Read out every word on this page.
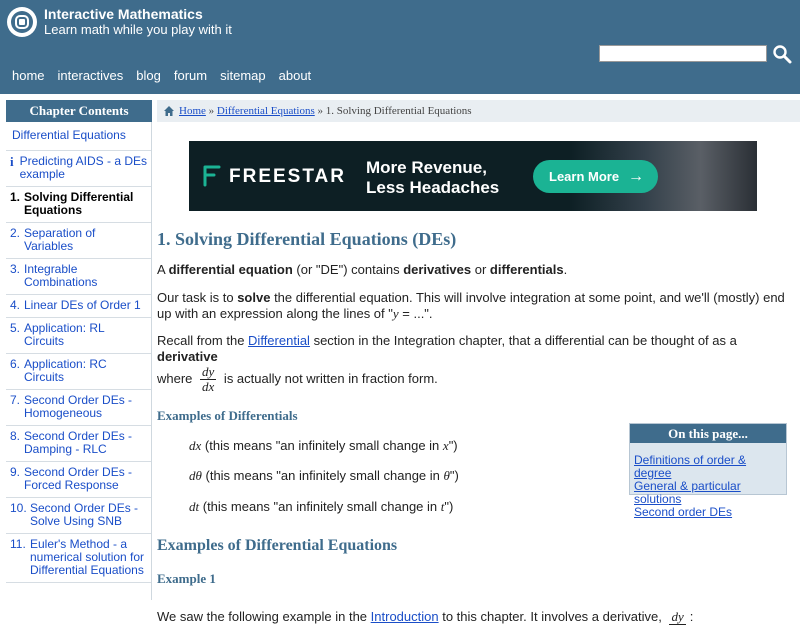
Interactive Mathematics
Learn math while you play with it
home interactives blog forum sitemap about
Chapter Contents
Differential Equations
i Predicting AIDS - a DEs example
1. Solving Differential Equations
2. Separation of Variables
3. Integrable Combinations
4. Linear DEs of Order 1
5. Application: RL Circuits
6. Application: RC Circuits
7. Second Order DEs - Homogeneous
8. Second Order DEs - Damping - RLC
9. Second Order DEs - Forced Response
10. Second Order DEs - Solve Using SNB
11. Euler's Method - a numerical solution for Differential Equations
Home » Differential Equations » 1. Solving Differential Equations
FREESTAR More Revenue,
Less Headaches
Learn More →
1. Solving Differential Equations (DEs)

A differential equation (or "DE") contains derivatives or differentials.

Our task is to solve the differential equation. This will involve integration at some point, and we'll (mostly) end up with an expression along the lines of "y = ...".

Recall from the Differential section in the Integration chapter, that a differential can be thought of as a derivative
where $\frac{dy}{dx}$ is actually not written in fraction form.

Examples of Differentials

dx (this means "an infinitely small change in x")

dθ (this means "an infinitely small change in θ")

dt (this means "an infinitely small change in t")

Examples of Differential Equations
Example 1

We saw the following example in the Introduction to this chapter. It involves a derivative, dy :

On this page...
Definitions of order & degree
General & particular solutions
Second order DEs
